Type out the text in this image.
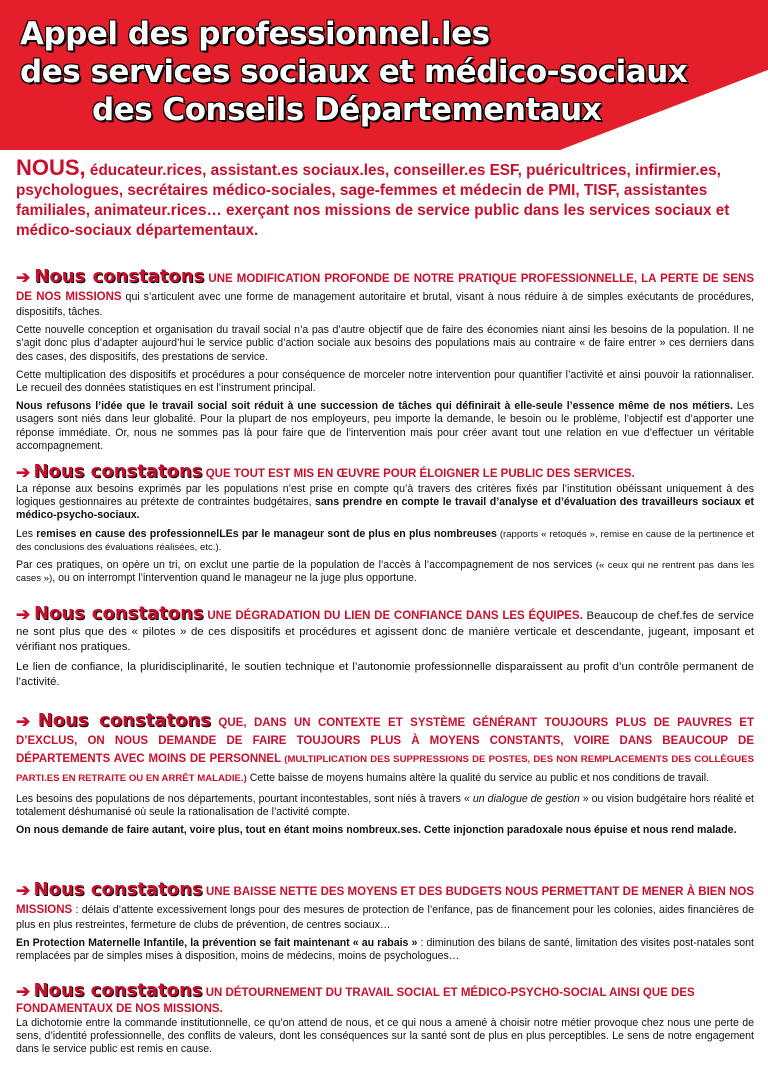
Appel des professionnel.les
des services sociaux et médico-sociaux
des Conseils Départementaux
NOUS, éducateur.rices, assistant.es sociaux.les, conseiller.es ESF, puéricultrices, infirmier.es, psychologues, secrétaires médico-sociales, sage-femmes et médecin de PMI, TISF, assistantes familiales, animateur.rices… exerçant nos missions de service public dans les services sociaux et médico-sociaux départementaux.
➔ Nous constatons UNE MODIFICATION PROFONDE DE NOTRE PRATIQUE PROFESSIONNELLE, LA PERTE DE SENS DE NOS MISSIONS qui s’articulent avec une forme de management autoritaire et brutal, visant à nous réduire à de simples exécutants de procédures, dispositifs, tâches.
Cette nouvelle conception et organisation du travail social n’a pas d’autre objectif que de faire des économies niant ainsi les besoins de la population. Il ne s’agit donc plus d’adapter aujourd’hui le service public d’action sociale aux besoins des populations mais au contraire « de faire entrer » ces derniers dans des cases, des dispositifs, des prestations de service.
Cette multiplication des dispositifs et procédures a pour conséquence de morceler notre intervention pour quantifier l’activité et ainsi pouvoir la rationnaliser. Le recueil des données statistiques en est l’instrument principal.
Nous refusons l’idée que le travail social soit réduit à une succession de tâches qui définirait à elle-seule l’essence même de nos métiers. Les usagers sont niés dans leur globalité. Pour la plupart de nos employeurs, peu importe la demande, le besoin ou le problème, l’objectif est d’apporter une réponse immédiate. Or, nous ne sommes pas là pour faire que de l’intervention mais pour créer avant tout une relation en vue d’effectuer un véritable accompagnement.
➔ Nous constatons QUE TOUT EST MIS EN ŒUVRE POUR ÉLOIGNER LE PUBLIC DES SERVICES.
La réponse aux besoins exprimés par les populations n’est prise en compte qu’à travers des critères fixés par l’institution obéissant uniquement à des logiques gestionnaires au prétexte de contraintes budgétaires, sans prendre en compte le travail d’analyse et d’évaluation des travailleurs sociaux et médico-psycho-sociaux.
Les remises en cause des professionnelLEs par le manageur sont de plus en plus nombreuses (rapports « retoqués », remise en cause de la pertinence et des conclusions des évaluations réalisées, etc.).
Par ces pratiques, on opère un tri, on exclut une partie de la population de l’accès à l’accompagnement de nos services (« ceux qui ne rentrent pas dans les cases »), ou on interrompt l’intervention quand le manageur ne la juge plus opportune.
➔ Nous constatons UNE DÉGRADATION DU LIEN DE CONFIANCE DANS LES ÉQUIPES. Beaucoup de chef.fes de service ne sont plus que des « pilotes » de ces dispositifs et procédures et agissent donc de manière verticale et descendante, jugeant, imposant et vérifiant nos pratiques.
Le lien de confiance, la pluridisciplinarité, le soutien technique et l’autonomie professionnelle disparaissent au profit d’un contrôle permanent de l’activité.
➔ Nous constatons QUE, DANS UN CONTEXTE ET SYSTÈME GÉNÉRANT TOUJOURS PLUS DE PAUVRES ET D’EXCLUS, ON NOUS DEMANDE DE FAIRE TOUJOURS PLUS À MOYENS CONSTANTS, VOIRE DANS BEAUCOUP DE DÉPARTEMENTS AVEC MOINS DE PERSONNEL (MULTIPLICATION DES SUPPRESSIONS DE POSTES, DES NON REMPLACEMENTS DES COLLÈGUES PARTI.ES EN RETRAITE OU EN ARRÊT MALADIE.) Cette baisse de moyens humains altère la qualité du service au public et nos conditions de travail.
Les besoins des populations de nos départements, pourtant incontestables, sont niés à travers « un dialogue de gestion » ou vision budgétaire hors réalité et totalement déshumanisé où seule la rationalisation de l’activité compte.
On nous demande de faire autant, voire plus, tout en étant moins nombreux.ses. Cette injonction paradoxale nous épuise et nous rend malade.
➔ Nous constatons UNE BAISSE NETTE DES MOYENS ET DES BUDGETS NOUS PERMETTANT DE MENER À BIEN NOS MISSIONS : délais d’attente excessivement longs pour des mesures de protection de l’enfance, pas de financement pour les colonies, aides financières de plus en plus restreintes, fermeture de clubs de prévention, de centres sociaux…
En Protection Maternelle Infantile, la prévention se fait maintenant « au rabais » : diminution des bilans de santé, limitation des visites post-natales sont remplacées par de simples mises à disposition, moins de médecins, moins de psychologues…
➔ Nous constatons UN DÉTOURNEMENT DU TRAVAIL SOCIAL ET MÉDICO-PSYCHO-SOCIAL AINSI QUE DES FONDAMENTAUX DE NOS MISSIONS.
La dichotomie entre la commande institutionnelle, ce qu’on attend de nous, et ce qui nous a amené à choisir notre métier provoque chez nous une perte de sens, d’identité professionnelle, des conflits de valeurs, dont les conséquences sur la santé sont de plus en plus perceptibles. Le sens de notre engagement dans le service public est remis en cause.
